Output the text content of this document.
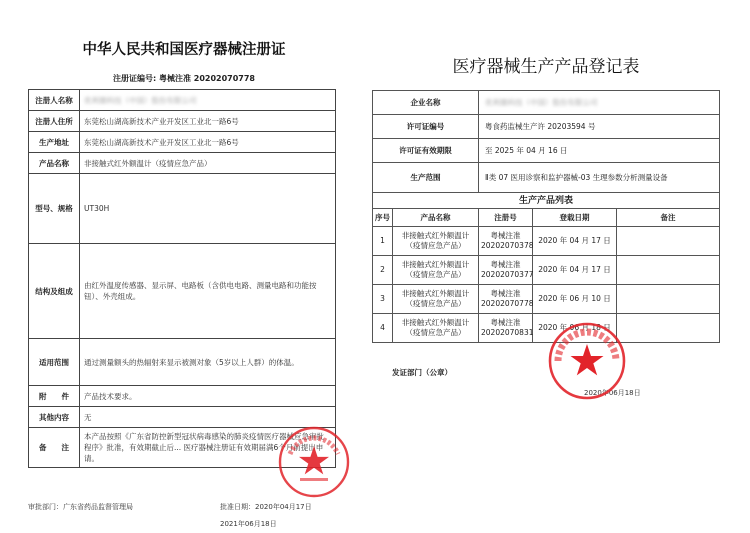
中华人民共和国医疗器械注册证
注册证编号: 粤械注准 20202070778
注册人名称	优利德科技（中国）股份有限公司
注册人住所	东莞松山湖高新技术产业开发区工业北一路6号
生产地址	东莞松山湖高新技术产业开发区工业北一路6号
产品名称	非接触式红外额温计（疫情应急产品）
型号、规格	UT30H
结构及组成	由红外温度传感器、显示屏、电路板（含供电电路、测量电路和功能按钮）、外壳组成。
适用范围	通过测量额头的热辐射来显示被测对象（5岁以上人群）的体温。
附　　件	产品技术要求。
其他内容	无
备　　注	本产品按照《广东省防控新型冠状病毒感染的肺炎疫情医疗器械应急审批程序》批准，有效期截止后... 医疗器械注册证有效期届满6个月前提出申请。
审批部门：广东省药品监督管理局	批准日期：2020年04月17日
2021年06月18日
医疗器械生产产品登记表
企业名称		优利德科技（中国）股份有限公司		
许可证编号		粤食药监械生产许 20203594 号		
许可证有效期限		至 2025 年 04 月 16 日		
生产范围		Ⅱ类 07 医用诊察和监护器械-03 生理参数分析测量设备		
生产产品列表				
序号	产品名称	注册号	登载日期	备注
1	非接触式红外额温计（疫情应急产品）	粤械注准 20202070378	2020 年 04 月 17 日	
2	非接触式红外额温计（疫情应急产品）	粤械注准 20202070377	2020 年 04 月 17 日	
3	非接触式红外额温计（疫情应急产品）	粤械注准 20202070778	2020 年 06 月 10 日	
4	非接触式红外额温计（疫情应急产品）	粤械注准 20202070831	2020 年 06 月 18 日	
发证部门（公章）
2020年06月18日
